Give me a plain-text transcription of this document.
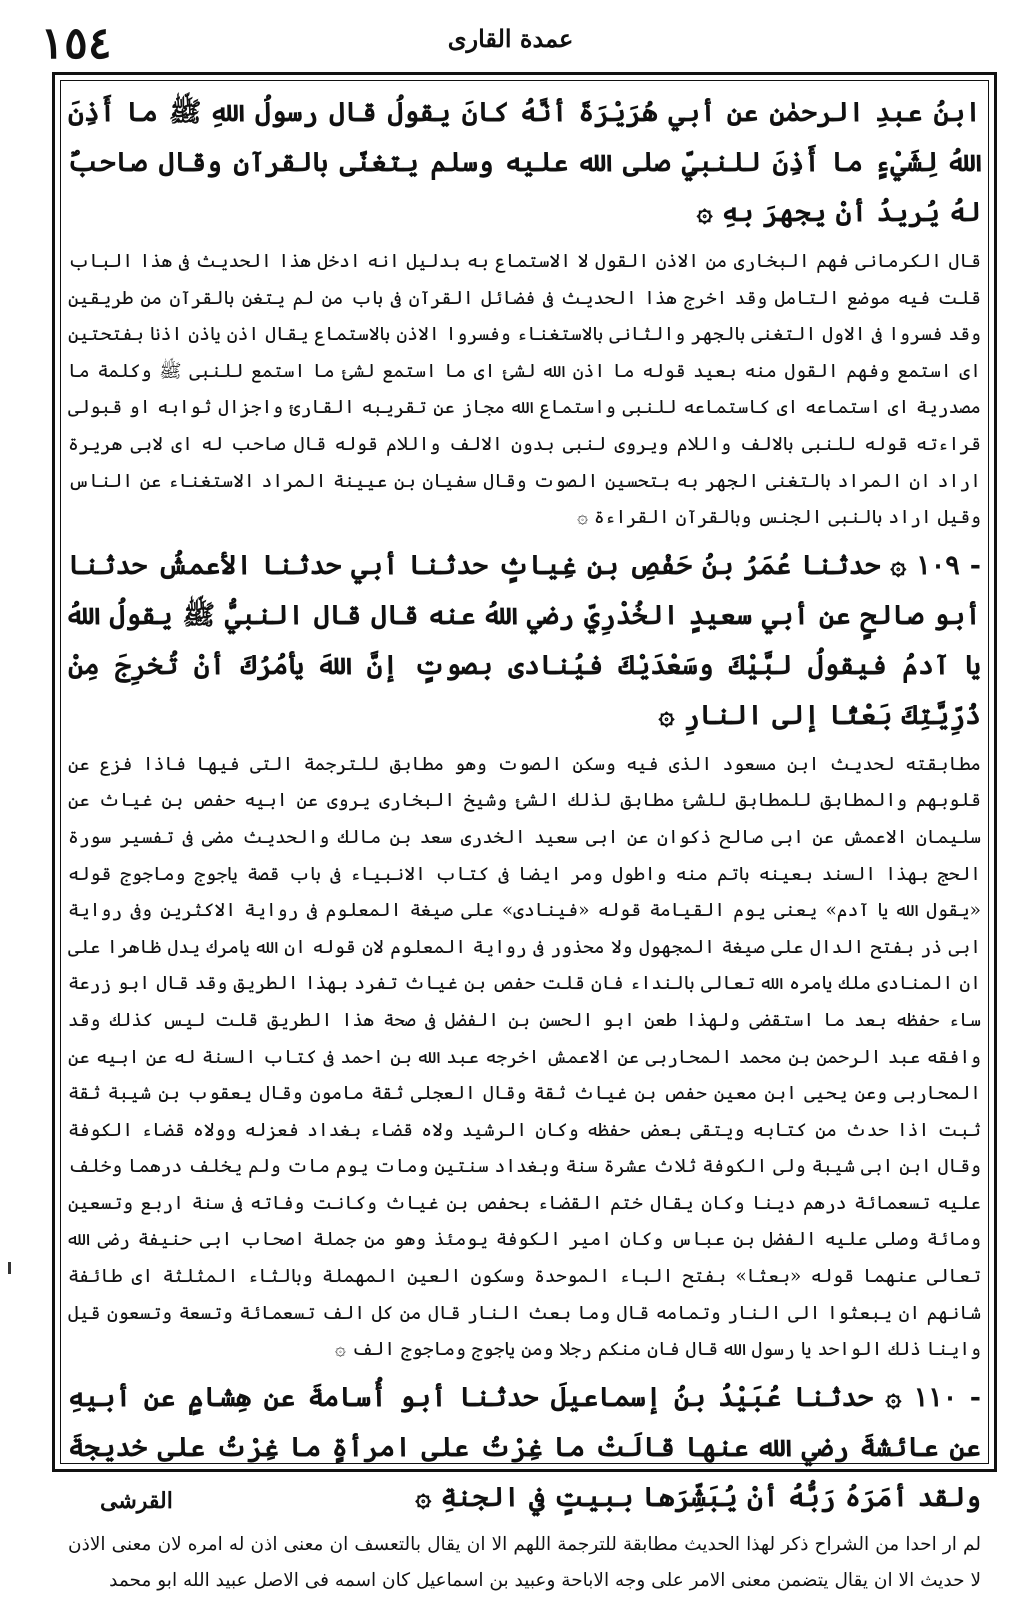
١٥٤	عمدة القارى

ابنُ عبدِ الرحمٰنِ عن أبي هُرَيْرَةَ أنَّهُ كانَ يقولُ قال رسولُ اللهِ ﷺ ما أَذِنَ اللهُ لِشَيْءٍ ما أَذِنَ للنبيِّ صلى الله عليه وسلم يتغنّى بالقرآنِ وقال صاحبٌ لهُ يُريدُ أنْ يجهرَ بهِ ۞

قال الكرمانى فهم البخارى من الاذن القول لا الاستماع به بدليل انه ادخل هذا الحديث فى هذا الباب قلت فيه موضع التامل وقد اخرج هذا الحديث فى فضائل القرآن فى باب من لم يتغن بالقرآن من طريقين وقد فسروا فى الاول التغنى بالجهر والثانى بالاستغناء وفسروا الاذن بالاستماع يقال اذن ياذن اذنا بفتحتين اى استمع وفهم القول منه بعيد قوله ما اذن الله لشئ اى ما استمع لشئ ما استمع للنبى ﷺ وكلمة ما مصدرية اى استماعه اى كاستماعه للنبى واستماع الله مجاز عن تقريبه القارئ واجزال ثوابه او قبولى قراءته قوله للنبى بالالف واللام ويروى لنبى بدون الالف واللام قوله قال صاحب له اى لابى هريرة اراد ان المراد بالتغنى الجهر به بتحسين الصوت وقال سفيان بن عيينة المراد الاستغناء عن الناس وقيل اراد بالنبى الجنس وبالقرآن القراءة ۞

١٠٩ - ۞ حدثنا عُمَرُ بنُ حَفْصِ بنِ غِياثٍ حدثنا أبي حدثنا الأعمشُ حدثنا أبو صالحٍ عن أبي سعيدٍ الخُدْرِيِّ رضي اللهُ عنه قال قال النبيُّ ﷺ يقولُ اللهُ يا آدمُ فيقولُ لبَّيْكَ وسَعْدَيْكَ فيُنادى بصوتٍ إنَّ اللهَ يأمُرُكَ أنْ تُخرِجَ مِنْ ذُرِّيَّتِكَ بَعْثًا إلى النارِ ۞

مطابقته لحديث ابن مسعود الذى فيه وسكن الصوت وهو مطابق للترجمة التى فيها فاذا فزع عن قلوبهم والمطابق للمطابق للشئ مطابق لذلك الشئ وشيخ البخارى يروى عن ابيه حفص بن غياث عن سليمان الاعمش عن ابى صالح ذكوان عن ابى سعيد الخدرى سعد بن مالك والحديث مضى فى تفسير سورة الحج بهذا السند بعينه باتم منه واطول ومر ايضا فى كتاب الانبياء فى باب قصة ياجوج وماجوج قوله «يقول الله يا آدم» يعنى يوم القيامة قوله «فينادى» على صيغة المعلوم فى رواية الاكثرين وفى رواية ابى ذر بفتح الدال على صيغة المجهول ولا محذور فى رواية المعلوم لان قوله ان الله يامرك يدل ظاهرا على ان المنادى ملك يامره الله تعالى بالنداء فان قلت حفص بن غياث تفرد بهذا الطريق وقد قال ابو زرعة ساء حفظه بعد ما استقضى ولهذا طعن ابو الحسن بن الفضل فى صحة هذا الطريق قلت ليس كذلك وقد وافقه عبد الرحمن بن محمد المحاربى عن الاعمش اخرجه عبد الله بن احمد فى كتاب السنة له عن ابيه عن المحاربى وعن يحيى ابن معين حفص بن غياث ثقة وقال العجلى ثقة مامون وقال يعقوب بن شيبة ثقة ثبت اذا حدث من كتابه ويتقى بعض حفظه وكان الرشيد ولاه قضاء بغداد فعزله وولاه قضاء الكوفة وقال ابن ابى شيبة ولى الكوفة ثلاث عشرة سنة وبغداد سنتين ومات يوم مات ولم يخلف درهما وخلف عليه تسعمائة درهم دينا وكان يقال ختم القضاء بحفص بن غياث وكانت وفاته فى سنة اربع وتسعين ومائة وصلى عليه الفضل بن عباس وكان امير الكوفة يومئذ وهو من جملة اصحاب ابى حنيفة رضى الله تعالى عنهما قوله «بعثا» بفتح الباء الموحدة وسكون العين المهملة وبالثاء المثلثة اى طائفة شانهم ان يبعثوا الى النار وتمامه قال وما بعث النار قال من كل الف تسعمائة وتسعة وتسعون قيل واينا ذلك الواحد يا رسول الله قال فان منكم رجلا ومن ياجوج وماجوج الف ۞

١١٠ - ۞ حدثنا عُبَيْدُ بنُ إسماعيلَ حدثنا أبو أُسامةَ عن هِشامٍ عن أبيهِ عن عائشةَ رضي الله عنها قالَتْ ما غِرْتُ على امرأةٍ ما غِرْتُ على خديجةَ ولقد أمَرَهُ رَبُّهُ أنْ يُبَشِّرَها ببيتٍ في الجنةِ ۞

لم ار احدا من الشراح ذكر لهذا الحديث مطابقة للترجمة اللهم الا ان يقال بالتعسف ان معنى اذن له امره لان معنى الاذن لا حديث الا ان يقال يتضمن معنى الامر على وجه الاباحة وعبيد بن اسماعيل كان اسمه فى الاصل عبيد الله ابو محمد

القرشى
